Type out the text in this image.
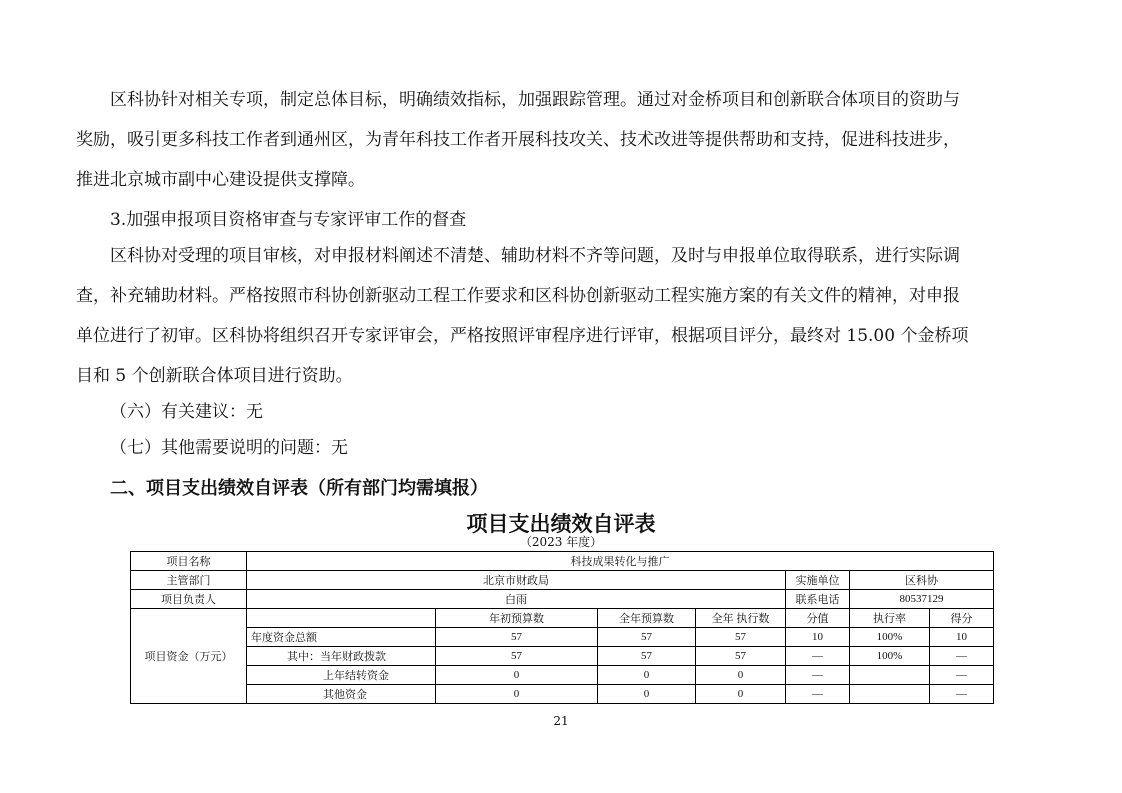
区科协针对相关专项，制定总体目标，明确绩效指标，加强跟踪管理。通过对金桥项目和创新联合体项目的资助与
奖励，吸引更多科技工作者到通州区，为青年科技工作者开展科技攻关、技术改进等提供帮助和支持，促进科技进步，
推进北京城市副中心建设提供支撑障。
3.加强申报项目资格审查与专家评审工作的督查
区科协对受理的项目审核，对申报材料阐述不清楚、辅助材料不齐等问题，及时与申报单位取得联系，进行实际调
查，补充辅助材料。严格按照市科协创新驱动工程工作要求和区科协创新驱动工程实施方案的有关文件的精神，对申报
单位进行了初审。区科协将组织召开专家评审会，严格按照评审程序进行评审，根据项目评分，最终对 15.00 个金桥项
目和 5 个创新联合体项目进行资助。
（六）有关建议：无
（七）其他需要说明的问题：无
二、项目支出绩效自评表（所有部门均需填报）
项目支出绩效自评表
（2023 年度）
项目名称	科技成果转化与推广						
主管部门	北京市财政局				实施单位	区科协	
项目负责人	白雨				联系电话	80537129	
项目资金（万元）		年初预算数	全年预算数	全年 执行数	分值	执行率	得分
	年度资金总额	57	57	57	10	100%	10
	其中：当年财政拨款	57	57	57	—	100%	—
	上年结转资金	0	0	0	—		—
	其他资金	0	0	0	—		—
21
